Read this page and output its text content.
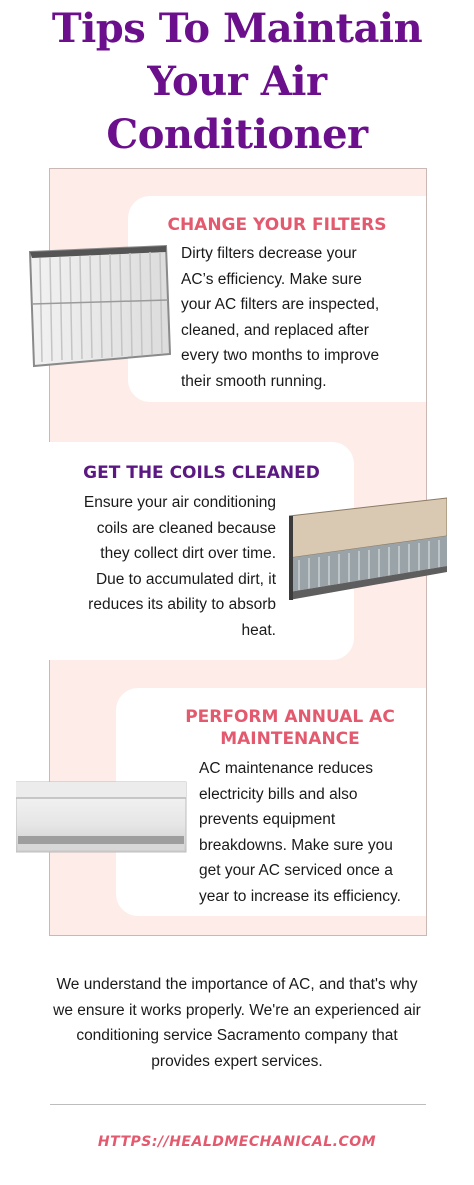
Tips To Maintain
Your Air
Conditioner
CHANGE YOUR FILTERS
Dirty filters decrease your
AC’s efficiency. Make sure
your AC filters are inspected,
cleaned, and replaced after
every two months to improve
their smooth running.
GET THE COILS CLEANED
Ensure your air conditioning
coils are cleaned because
they collect dirt over time.
Due to accumulated dirt, it
reduces its ability to absorb
heat.
PERFORM ANNUAL AC
MAINTENANCE
AC maintenance reduces
electricity bills and also
prevents equipment
breakdowns. Make sure you
get your AC serviced once a
year to increase its efficiency.
We understand the importance of AC, and that's why
we ensure it works properly. We're an experienced air
conditioning service Sacramento company that
provides expert services.
HTTPS://HEALDMECHANICAL.COM
